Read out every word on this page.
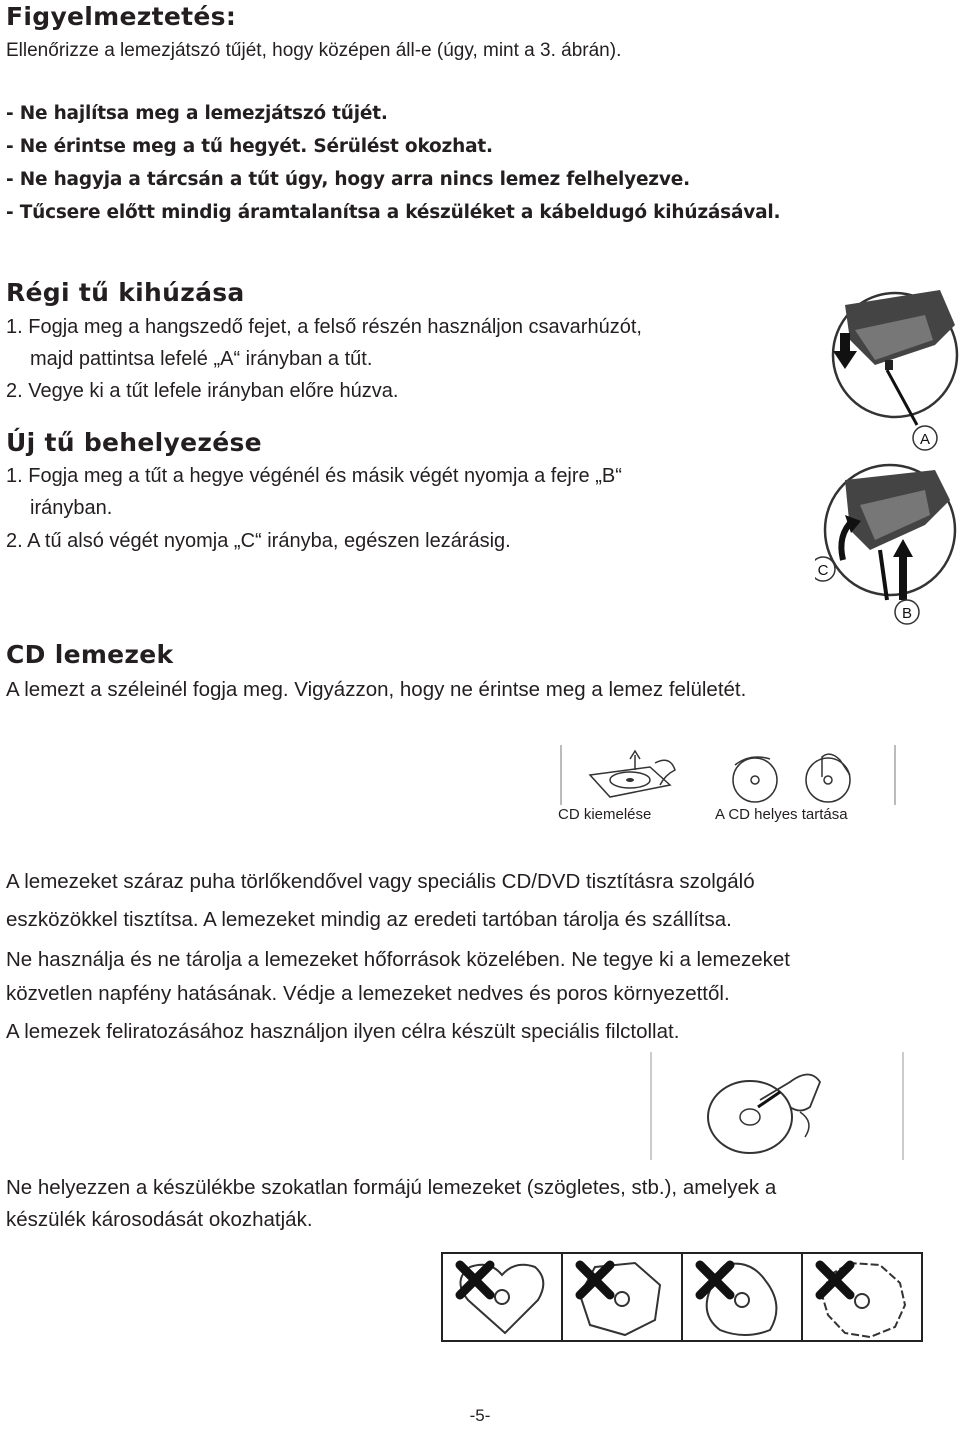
Figyelmeztetés:
Ellenőrizze a lemezjátszó tűjét, hogy középen áll-e (úgy, mint a 3. ábrán).
- Ne hajlítsa meg a lemezjátszó tűjét.
- Ne érintse meg a tű hegyét. Sérülést okozhat.
- Ne hagyja a tárcsán a tűt úgy, hogy arra nincs lemez felhelyezve.
- Tűcsere előtt mindig áramtalanítsa a készüléket a kábeldugó kihúzásával.
Régi tű kihúzása
1. Fogja meg a hangszedő fejet, a felső részén használjon csavarhúzót,
majd pattintsa lefelé „A“ irányban a tűt.
2. Vegye ki a tűt lefele irányban előre húzva.
Új tű behelyezése
1. Fogja meg a tűt a hegye végénél és másik végét nyomja a fejre „B“
irányban.
2. A tű alsó végét nyomja „C“ irányba, egészen lezárásig.
A
C
B
CD lemezek
A lemezt a széleinél fogja meg. Vigyázzon, hogy ne érintse meg a lemez felületét.
CD kiemelése	A CD helyes tartása
A lemezeket száraz puha törlőkendővel vagy speciális CD/DVD tisztításra szolgáló
eszközökkel tisztítsa. A lemezeket mindig az eredeti tartóban tárolja és szállítsa.
Ne használja és ne tárolja a lemezeket hőforrások közelében. Ne tegye ki a lemezeket
közvetlen napfény hatásának. Védje a lemezeket nedves és poros környezettől.
A lemezek feliratozásához használjon ilyen célra készült speciális filctollat.
Ne helyezzen a készülékbe szokatlan formájú lemezeket (szögletes, stb.), amelyek a
készülék károsodását okozhatják.
-5-
